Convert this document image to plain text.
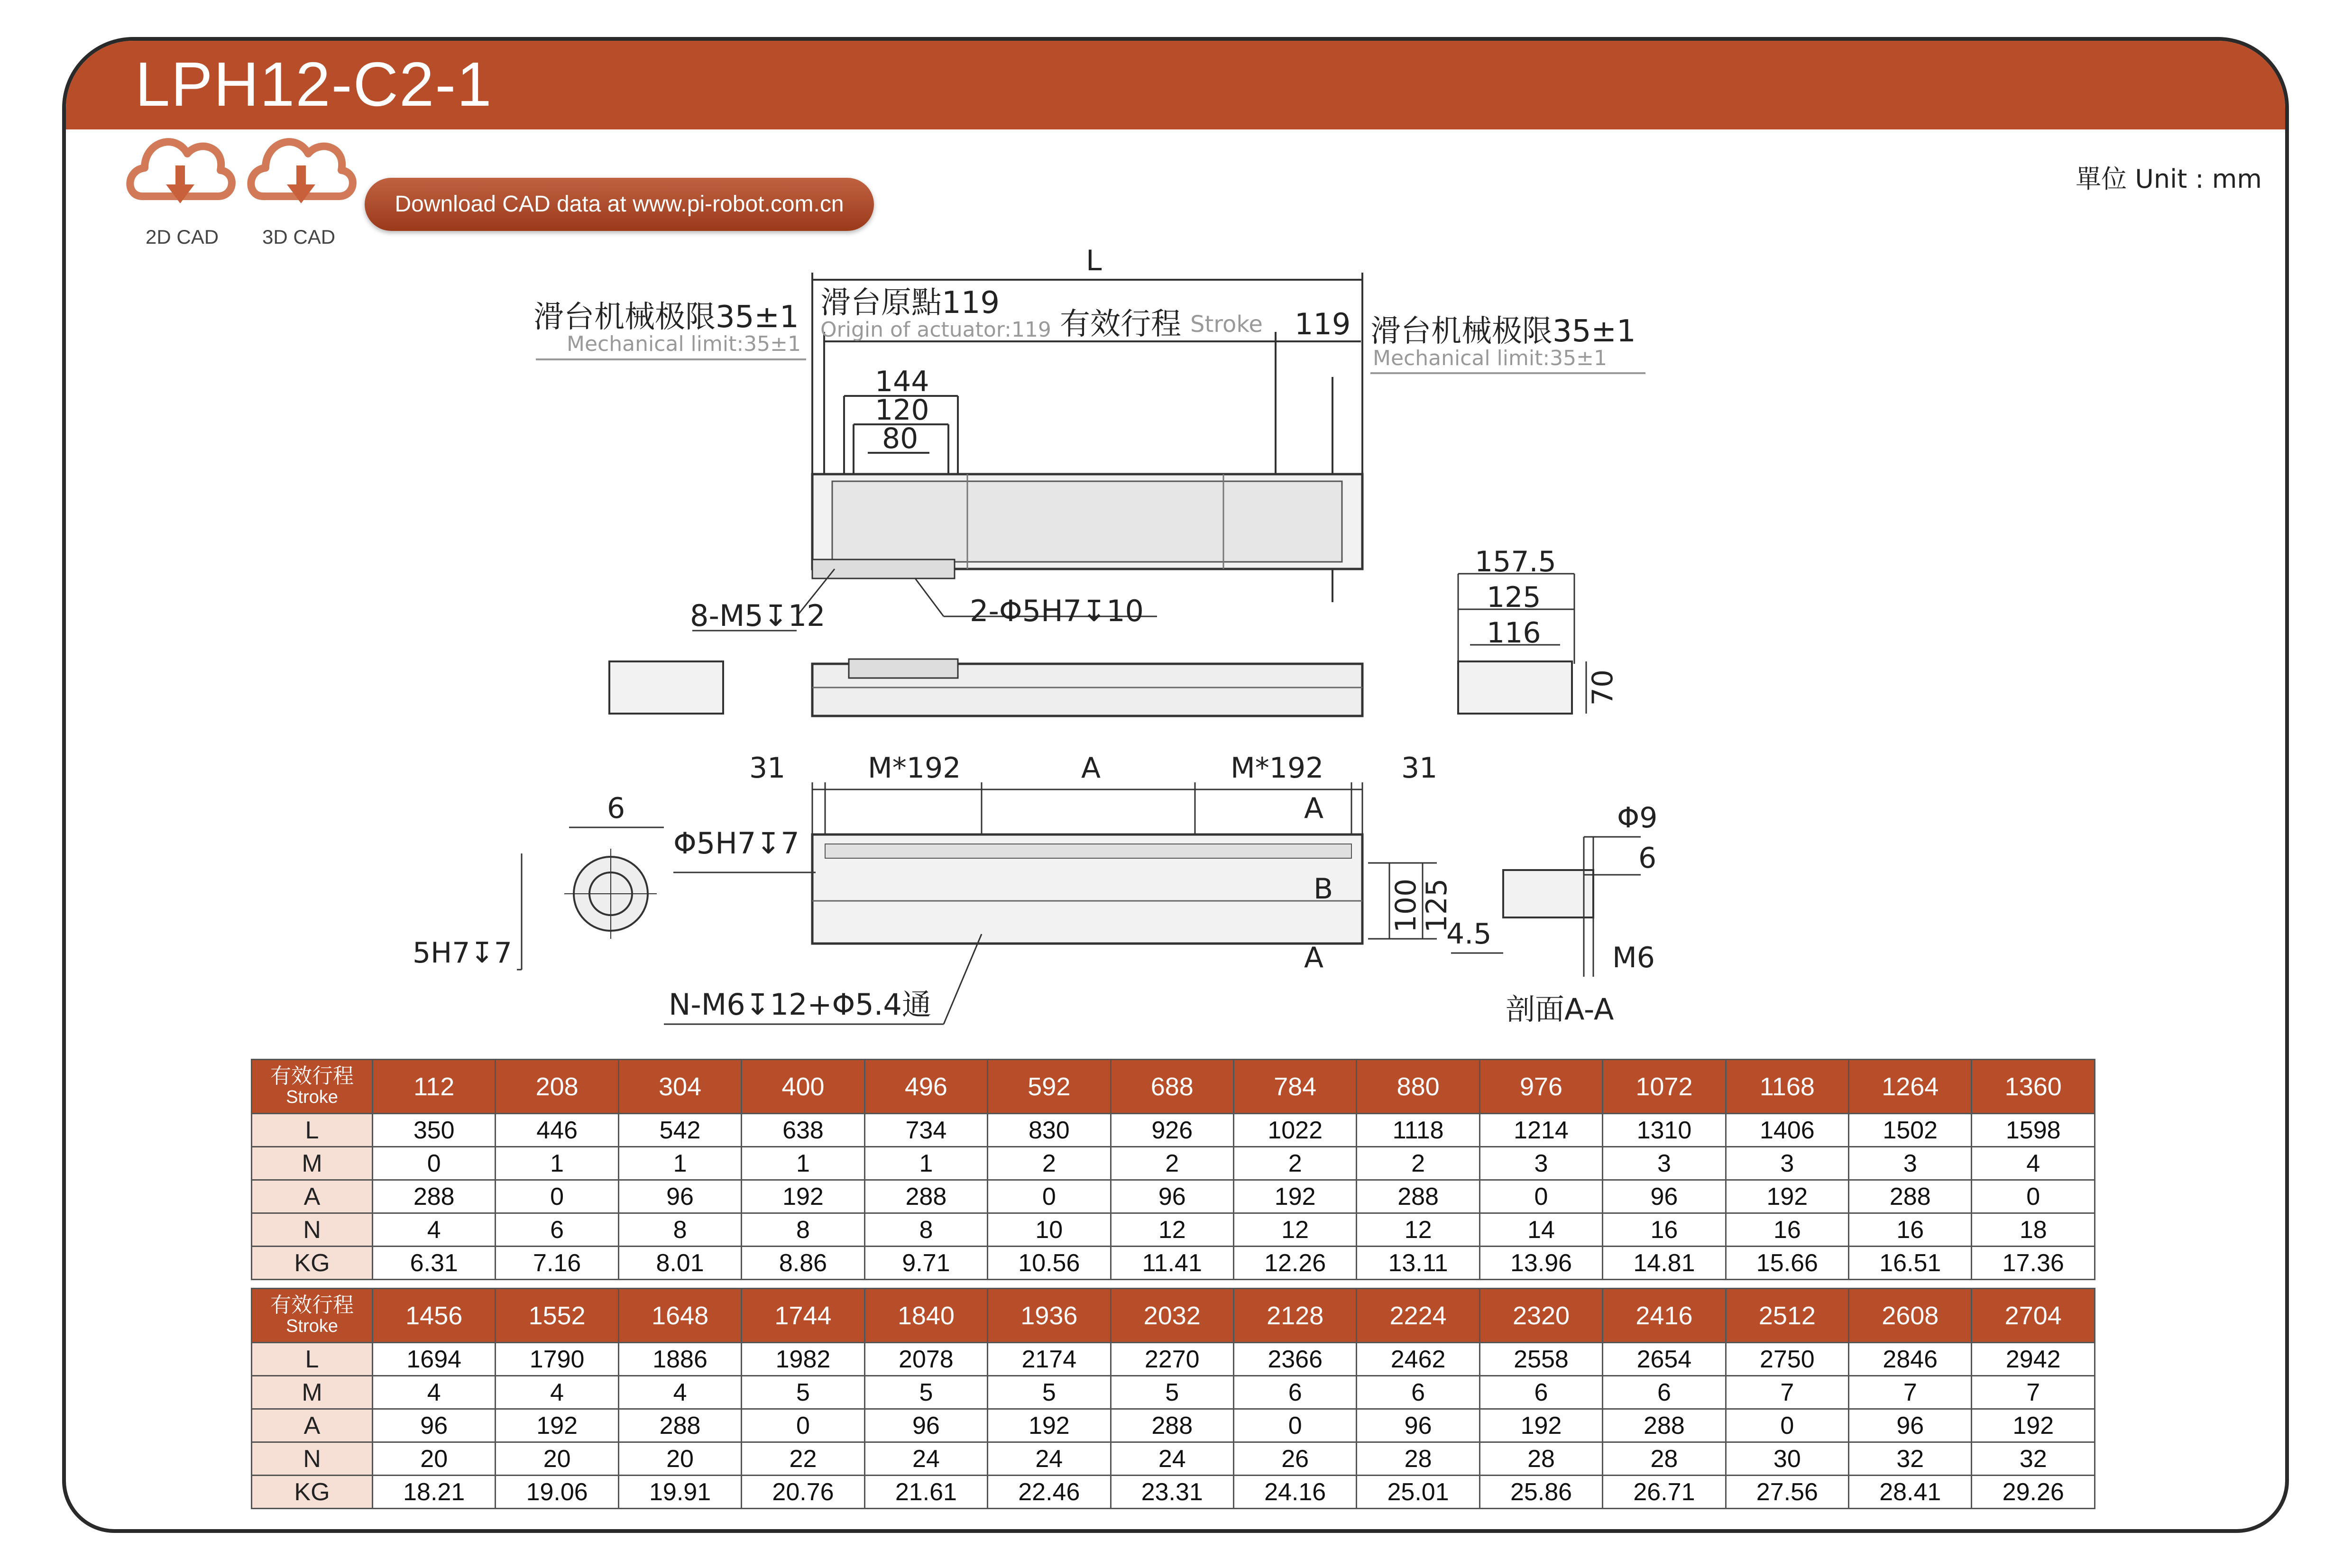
LPH12-C2-1
2D CAD 3D CAD
Download CAD data at www.pi-robot.com.cn
單位 Unit : mm
L
滑台机械极限35±1
Mechanical limit:35±1
滑台原點119
Origin of actuator:119 有效行程 Stroke 119 滑台机械极限35±1
Mechanical limit:35±1
144
120
80
8-M5↧12	2-Φ5H7↧10
157.5
125
116
70
31	M*192	A	M*192	31
A
B
A
100
125
Φ5H7↧7
N-M6↧12+Φ5.4通
6
5H7↧7
Φ9
6
4.5
M6
剖面A-A
有效行程
Stroke	112	208	304	400	496	592	688	784	880	976	1072	1168	1264	1360
L	350	446	542	638	734	830	926	1022	1118	1214	1310	1406	1502	1598
M	0	1	1	1	1	2	2	2	2	3	3	3	3	4
A	288	0	96	192	288	0	96	192	288	0	96	192	288	0
N	4	6	8	8	8	10	12	12	12	14	16	16	16	18
KG	6.31	7.16	8.01	8.86	9.71	10.56	11.41	12.26	13.11	13.96	14.81	15.66	16.51	17.36
有效行程
Stroke	1456	1552	1648	1744	1840	1936	2032	2128	2224	2320	2416	2512	2608	2704
L	1694	1790	1886	1982	2078	2174	2270	2366	2462	2558	2654	2750	2846	2942
M	4	4	4	5	5	5	5	6	6	6	6	7	7	7
A	96	192	288	0	96	192	288	0	96	192	288	0	96	192
N	20	20	20	22	24	24	24	26	28	28	28	30	32	32
KG	18.21	19.06	19.91	20.76	21.61	22.46	23.31	24.16	25.01	25.86	26.71	27.56	28.41	29.26
